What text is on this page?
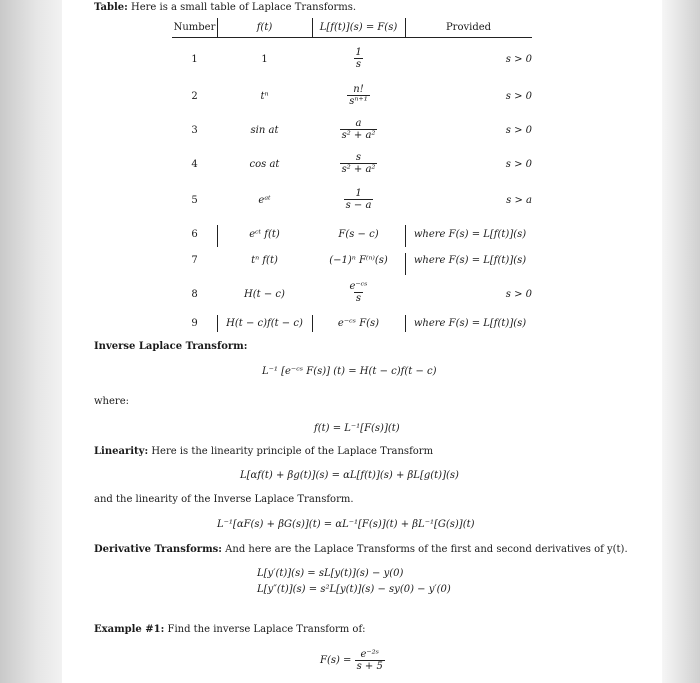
Table: Here is a small table of Laplace Transforms.
Number	f(t)	L[f(t)](s) = F(s)	Provided
1	1	$\frac{1}{s}$	s > 0
2	tⁿ	$\frac{n!}{\text{sⁿ⁺¹}}$	s > 0
3	sin at	$\frac{a}{\text{s² + a²}}$	s > 0
4	cos at	$\frac{s}{\text{s² + a²}}$	s > 0
5	eᵃᵗ	$\frac{1}{s - a}$	s > a
6	eᶜᵗ f(t)	F(s − c)	where F(s) = L[f(t)](s)
7	tⁿ f(t)	(−1)ⁿ F⁽ⁿ⁾(s)	where F(s) = L[f(t)](s)
8	H(t − c)	$\frac{\text{e⁻ᶜˢ}}{s}$	s > 0
9	H(t − c)f(t − c)	e⁻ᶜˢ F(s)	where F(s) = L[f(t)](s)
Inverse Laplace Transform:
L⁻¹ [e⁻ᶜˢ F(s)] (t) = H(t − c)f(t − c)
where:
f(t) = L⁻¹[F(s)](t)
Linearity: Here is the linearity principle of the Laplace Transform
L[αf(t) + βg(t)](s) = αL[f(t)](s) + βL[g(t)](s)
and the linearity of the Inverse Laplace Transform.
L⁻¹[αF(s) + βG(s)](t) = αL⁻¹[F(s)](t) + βL⁻¹[G(s)](t)
Derivative Transforms: And here are the Laplace Transforms of the first and second derivatives of y(t).
L[y′(t)](s) = sL[y(t)](s) − y(0)
L[y″(t)](s) = s²L[y(t)](s) − sy(0) − y′(0)
Example #1: Find the inverse Laplace Transform of:
$F(s) = \frac{\text{e⁻²ˢ}}{s + 5}$
